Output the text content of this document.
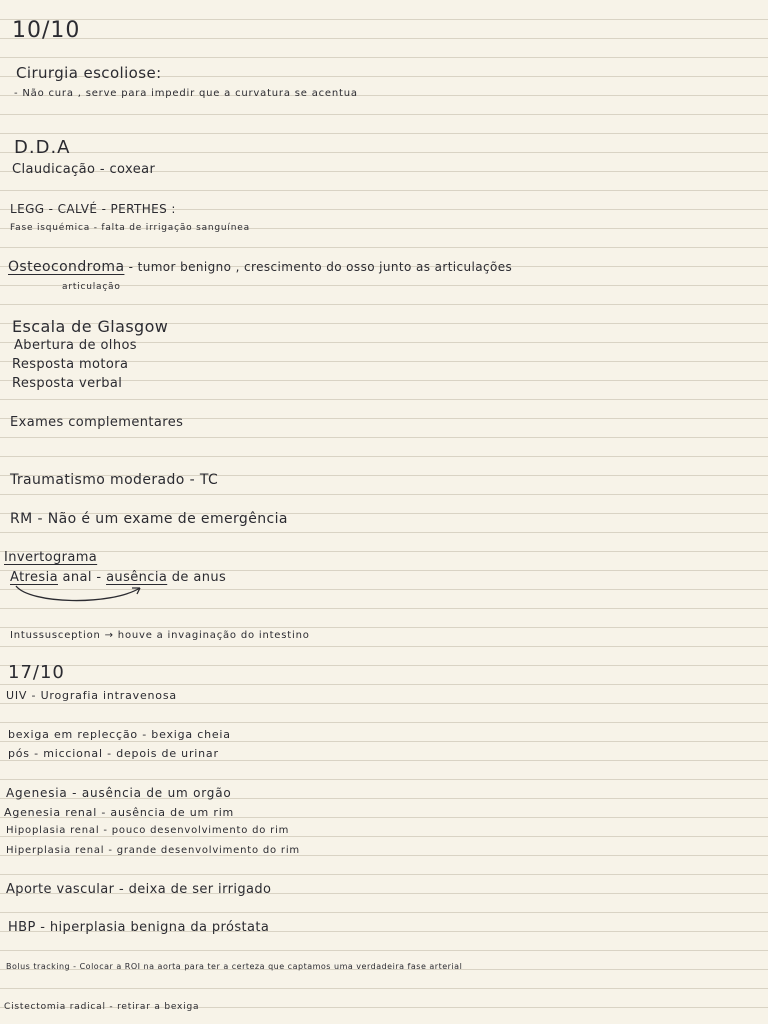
10/10
Cirurgia escoliose:
- Não cura , serve para impedir que a curvatura se acentua
D.D.A
Claudicação - coxear
LEGG - CALVÉ - PERTHES :
Fase isquémica - falta de irrigação sanguínea
Osteocondroma - tumor benigno , crescimento do osso junto as articulações
articulação
Escala de Glasgow
Abertura de olhos
Resposta motora
Resposta verbal
Exames complementares
Traumatismo moderado - TC
RM - Não é um exame de emergência
Invertograma
Atresia anal - ausência de anus
Intussusception → houve a invaginação do intestino
17/10
UIV - Urografia intravenosa
bexiga em replecção - bexiga cheia
pós - miccional - depois de urinar
Agenesia - ausência de um orgão
Agenesia renal - ausência de um rim
Hipoplasia renal - pouco desenvolvimento do rim
Hiperplasia renal - grande desenvolvimento do rim
Aporte vascular - deixa de ser irrigado
HBP - hiperplasia benigna da próstata
Bolus tracking - Colocar a ROI na aorta para ter a certeza que captamos uma verdadeira fase arterial
Cistectomia radical - retirar a bexiga
